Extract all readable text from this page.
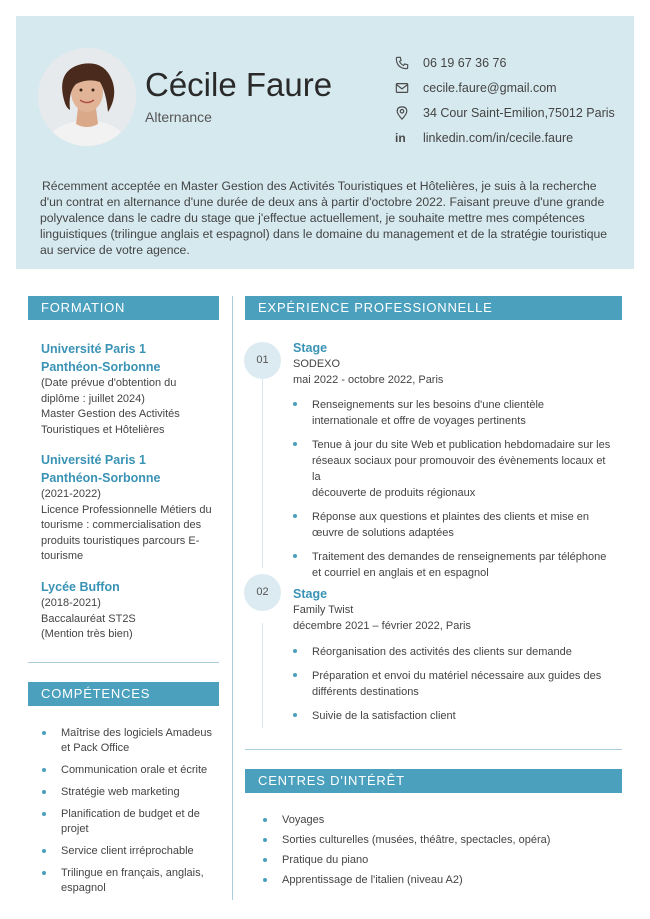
Cécile Faure
Alternance
06 19 67 36 76
cecile.faure@gmail.com
34 Cour Saint-Emilion,75012 Paris
in linkedin.com/in/cecile.faure

Récemment acceptée en Master Gestion des Activités Touristiques et Hôtelières, je suis à la recherche d'un contrat en alternance d'une durée de deux ans à partir d'octobre 2022. Faisant preuve d'une grande polyvalence dans le cadre du stage que j'effectue actuellement, je souhaite mettre mes compétences linguistiques (trilingue anglais et espagnol) dans le domaine du management et de la stratégie touristique au service de votre agence.

FORMATION
Université Paris 1
Panthéon-Sorbonne
(Date prévue d'obtention du
diplôme : juillet 2024)
Master Gestion des Activités
Touristiques et Hôtelières
Université Paris 1
Panthéon-Sorbonne
(2021-2022)
Licence Professionnelle Métiers du
tourisme : commercialisation des
produits touristiques parcours E-
tourisme
Lycée Buffon
(2018-2021)
Baccalauréat ST2S
(Mention très bien)
COMPÉTENCES
Maîtrise des logiciels Amadeus
et Pack Office
Communication orale et écrite
Stratégie web marketing
Planification de budget et de
projet
Service client irréprochable
Trilingue en français, anglais,
espagnol
EXPÉRIENCE PROFESSIONNELLE
01
Stage
SODEXO
mai 2022 - octobre 2022, Paris
Renseignements sur les besoins d'une clientèle
internationale et offre de voyages pertinents
Tenue à jour du site Web et publication hebdomadaire sur les
réseaux sociaux pour promouvoir des évènements locaux et la
découverte de produits régionaux
Réponse aux questions et plaintes des clients et mise en
œuvre de solutions adaptées
Traitement des demandes de renseignements par téléphone
et courriel en anglais et en espagnol
02	Stage
Family Twist
décembre 2021 – février 2022, Paris
Réorganisation des activités des clients sur demande
Préparation et envoi du matériel nécessaire aux guides des
différents destinations
Suivie de la satisfaction client
CENTRES D'INTÉRÊT
Voyages
Sorties culturelles (musées, théâtre, spectacles, opéra)
Pratique du piano
Apprentissage de l'italien (niveau A2)
